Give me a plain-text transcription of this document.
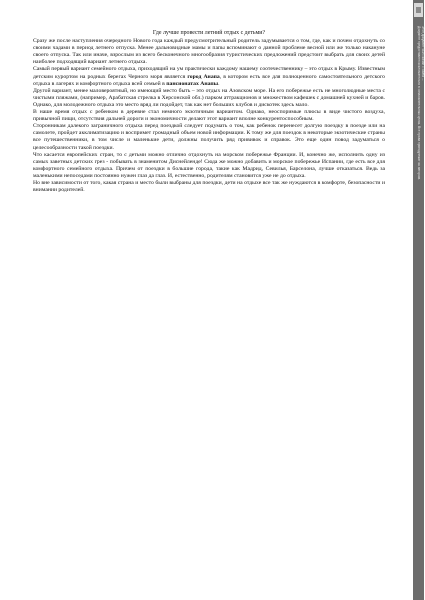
Где лучше провести летний отдых с детьми?

Сразу же после наступления очередного Нового года каждый предусмотрительный родитель задумывается о том, где, как и почем отдохнуть со своими чадами в период летнего отпуска. Менее дальновидные мамы и папы вспоминают о данной проблеме весной или же только накануне своего отпуска. Так или иначе, взрослым из всего бесконечного многообразия туристических предложений предстоит выбрать для своих детей наиболее подходящий вариант летнего отдыха.

Самый первый вариант семейного отдыха, приходящий на ум практически каждому нашему соотечественнику – это отдых в Крыму. Известным детским курортом на родных берегах Черного моря является город Анапа, в котором есть все для полноценного самостоятельного детского отдыха в лагерях и комфортного отдыха всей семьей в пансионатах Анапы.

Другой вариант, менее маловероятный, но имеющий место быть – это отдых на Азовском море. На его побережье есть не многолюдные места с чистыми пляжами, (например, Арабатская стрелка в Херсонской обл.) парком аттракционов и множеством кафешек с домашней кухней и баров. Однако, для молодежного отдыха это место вряд ли подойдет, так как нет больших клубов и дискотек здесь мало.

В наше время отдых с ребенком в деревне стал немного экзотичным вариантом. Однако, неоспоримые плюсы в виде чистого воздуха, привычной пищи, отсутствия дальней дороги и экономичности делают этот вариант вполне конкурентоспособным.

Сторонникам далекого заграничного отдыха перед поездкой следует подумать о том, как ребенок перенесет долгую поездку в поезде или на самолете, пройдет акклиматизацию и воспримет громадный объем новой информации. К тому же для поездок в некоторые экзотические страны все путешественники, в том числе и маленькие дети, должны получить ряд прививок и справок. Это еще один повод задуматься о целесообразности такой поездки.

Что касается европейских стран, то с детьми можно отлично отдохнуть на морском побережье Франции. И, конечно же, исполнить одну из самых заветных детских грез - побывать в знаменитом Диснейленде! Сюда же можно добавить и морское побережье Испании, где есть все для комфортного семейного отдыха. Причем от поездки в большие города, такие как Мадрид, Севилья, Барселона, лучше отказаться. Ведь за маленькими непоседами постоянно нужен глаз да глаз. И, естественно, родителям становится уже не до отдыха.

Но вне зависимости от того, какая страна и место были выбраны для поездки, дети на отдыхе все так же нуждаются в комфорте, безопасности и внимании родителей.

Этот документ был скачан с сайта ...
Документ предоставлен исключительно в ознакомительных целях. Все права принадлежат их авторам.
